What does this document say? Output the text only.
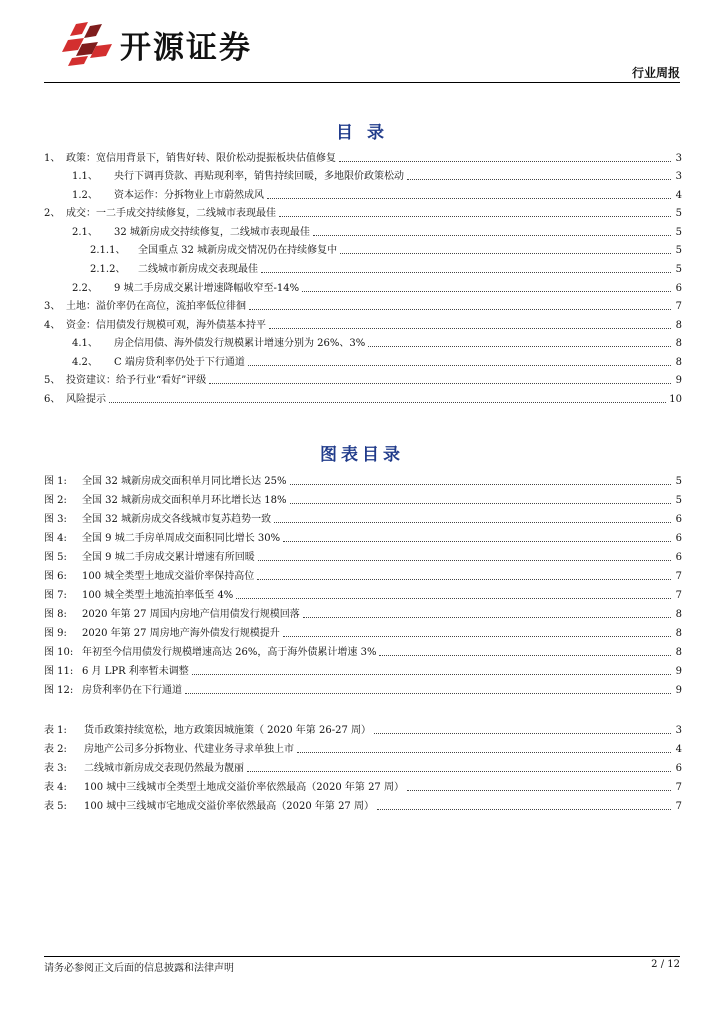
开源证券
行业周报
目 录
1、 政策：宽信用背景下，销售好转、限价松动提振板块估值修复	3
1.1、	央行下调再贷款、再贴现利率，销售持续回暖，多地限价政策松动	3
1.2、	资本运作：分拆物业上市蔚然成风	4
2、 成交：一二手成交持续修复，二线城市表现最佳	5
2.1、	32 城新房成交持续修复，二线城市表现最佳	5
2.1.1、	全国重点 32 城新房成交情况仍在持续修复中	5
2.1.2、	二线城市新房成交表现最佳	5
2.2、	9 城二手房成交累计增速降幅收窄至-14%	6
3、 土地：溢价率仍在高位，流拍率低位徘徊	7
4、 资金：信用债发行规模可观，海外债基本持平	8
4.1、	房企信用债、海外债发行规模累计增速分别为 26%、3%	8
4.2、	C 端房贷利率仍处于下行通道	8
5、 投资建议：给予行业“看好”评级	9
6、 风险提示	10
图表目录
图 1:	全国 32 城新房成交面积单月同比增长达 25%	5
图 2:	全国 32 城新房成交面积单月环比增长达 18%	5
图 3:	全国 32 城新房成交各线城市复苏趋势一致	6
图 4:	全国 9 城二手房单周成交面积同比增长 30%	6
图 5:	全国 9 城二手房成交累计增速有所回暖	6
图 6:	100 城全类型土地成交溢价率保持高位	7
图 7:	100 城全类型土地流拍率低至 4%	7
图 8:	2020 年第 27 周国内房地产信用债发行规模回落	8
图 9:	2020 年第 27 周房地产海外债发行规模提升	8
图 10: 年初至今信用债发行规模增速高达 26%，高于海外债累计增速 3%	8
图 11: 6 月 LPR 利率暂未调整	9
图 12: 房贷利率仍在下行通道	9
表 1:	货币政策持续宽松，地方政策因城施策（ 2020 年第 26-27 周）	3
表 2:	房地产公司多分拆物业、代建业务寻求单独上市	4
表 3:	二线城市新房成交表现仍然最为靓丽	6
表 4:	100 城中三线城市全类型土地成交溢价率依然最高（2020 年第 27 周）	7
表 5:	100 城中三线城市宅地成交溢价率依然最高（2020 年第 27 周）	7
请务必参阅正文后面的信息披露和法律声明	2 / 12
